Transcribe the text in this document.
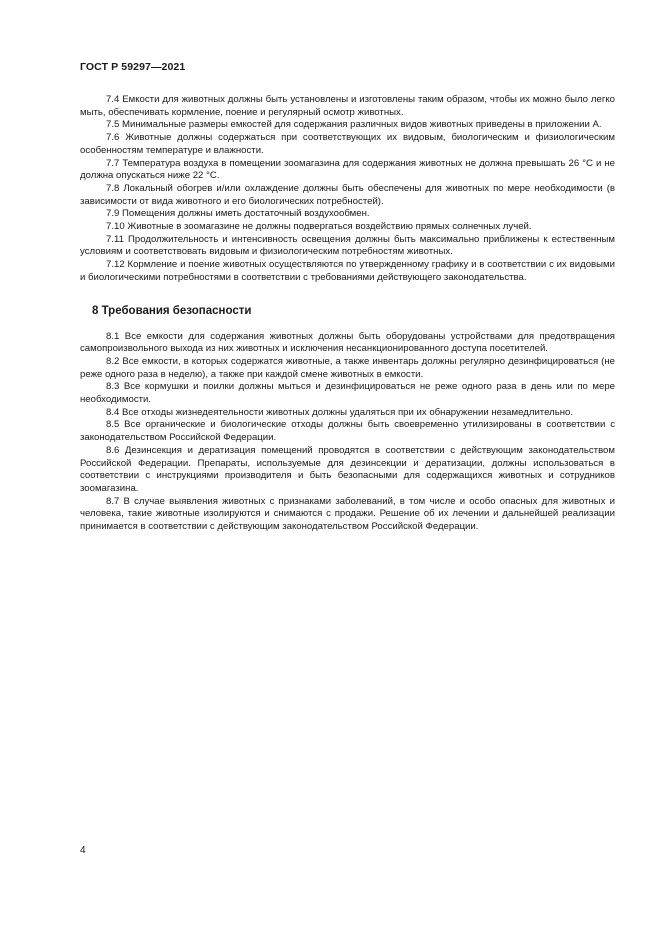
ГОСТ Р 59297—2021

7.4 Емкости для животных должны быть установлены и изготовлены таким образом, чтобы их можно было легко мыть, обеспечивать кормление, поение и регулярный осмотр животных.

7.5 Минимальные размеры емкостей для содержания различных видов животных приведены в приложении А.

7.6 Животные должны содержаться при соответствующих их видовым, биологическим и физиологическим особенностям температуре и влажности.

7.7 Температура воздуха в помещении зоомагазина для содержания животных не должна превышать 26 °С и не должна опускаться ниже 22 °С.

7.8 Локальный обогрев и/или охлаждение должны быть обеспечены для животных по мере необходимости (в зависимости от вида животного и его биологических потребностей).

7.9 Помещения должны иметь достаточный воздухообмен.

7.10 Животные в зоомагазине не должны подвергаться воздействию прямых солнечных лучей.

7.11 Продолжительность и интенсивность освещения должны быть максимально приближены к естественным условиям и соответствовать видовым и физиологическим потребностям животных.

7.12 Кормление и поение животных осуществляются по утвержденному графику и в соответствии с их видовыми и биологическими потребностями в соответствии с требованиями действующего законодательства.

8 Требования безопасности

8.1 Все емкости для содержания животных должны быть оборудованы устройствами для предотвращения самопроизвольного выхода из них животных и исключения несанкционированного доступа посетителей.

8.2 Все емкости, в которых содержатся животные, а также инвентарь должны регулярно дезинфицироваться (не реже одного раза в неделю), а также при каждой смене животных в емкости.

8.3 Все кормушки и поилки должны мыться и дезинфицироваться не реже одного раза в день или по мере необходимости.

8.4 Все отходы жизнедеятельности животных должны удаляться при их обнаружении незамедлительно.

8.5 Все органические и биологические отходы должны быть своевременно утилизированы в соответствии с законодательством Российской Федерации.

8.6 Дезинсекция и дератизация помещений проводятся в соответствии с действующим законодательством Российской Федерации. Препараты, используемые для дезинсекции и дератизации, должны использоваться в соответствии с инструкциями производителя и быть безопасными для содержащихся животных и сотрудников зоомагазина.

8.7 В случае выявления животных с признаками заболеваний, в том числе и особо опасных для животных и человека, такие животные изолируются и снимаются с продажи. Решение об их лечении и дальнейшей реализации принимается в соответствии с действующим законодательством Российской Федерации.

4
